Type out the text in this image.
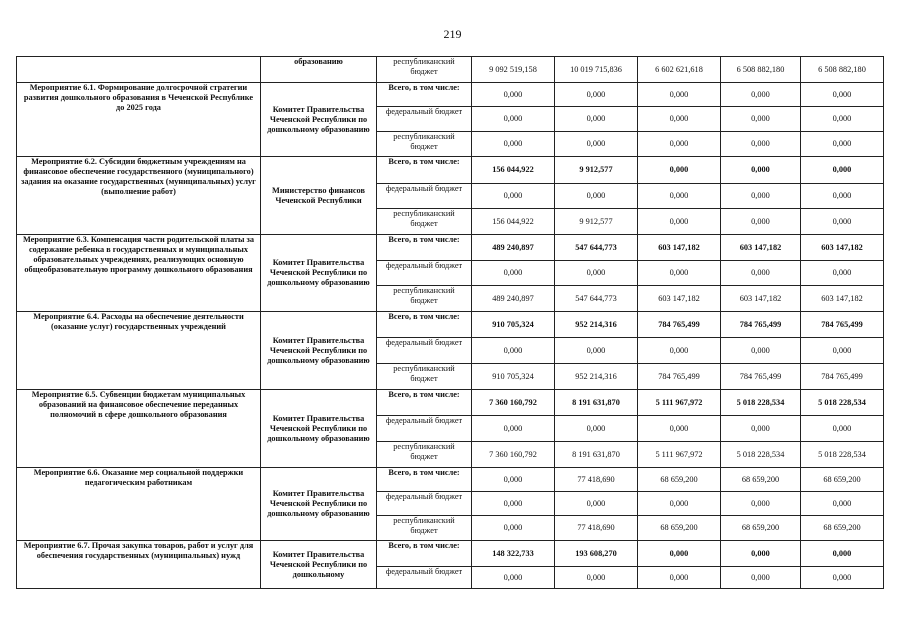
219
	образованию	республиканский бюджет	9 092 519,158	10 019 715,836	6 602 621,618	6 508 882,180	6 508 882,180
Мероприятие 6.1. Формирование долгосрочной стратегии развития дошкольного образования в Чеченской Республике до 2025 года	Комитет Правительства Чеченской Республики по дошкольному образованию	Всего, в том числе:	0,000	0,000	0,000	0,000	0,000
		федеральный бюджет	0,000	0,000	0,000	0,000	0,000
		республиканский бюджет	0,000	0,000	0,000	0,000	0,000
Мероприятие 6.2. Субсидии бюджетным учреждениям на финансовое обеспечение государственного (муниципального) задания на оказание государственных (муниципальных) услуг (выполнение работ)	Министерство финансов Чеченской Республики	Всего, в том числе:	156 044,922	9 912,577	0,000	0,000	0,000
		федеральный бюджет	0,000	0,000	0,000	0,000	0,000
		республиканский бюджет	156 044,922	9 912,577	0,000	0,000	0,000
Мероприятие 6.3. Компенсация части родительской платы за содержание ребенка в государственных и муниципальных образовательных учреждениях, реализующих основную общеобразовательную программу дошкольного образования	Комитет Правительства Чеченской Республики по дошкольному образованию	Всего, в том числе:	489 240,897	547 644,773	603 147,182	603 147,182	603 147,182
		федеральный бюджет	0,000	0,000	0,000	0,000	0,000
		республиканский бюджет	489 240,897	547 644,773	603 147,182	603 147,182	603 147,182
Мероприятие 6.4. Расходы на обеспечение деятельности (оказание услуг) государственных учреждений	Комитет Правительства Чеченской Республики по дошкольному образованию	Всего, в том числе:	910 705,324	952 214,316	784 765,499	784 765,499	784 765,499
		федеральный бюджет	0,000	0,000	0,000	0,000	0,000
		республиканский бюджет	910 705,324	952 214,316	784 765,499	784 765,499	784 765,499
Мероприятие 6.5. Субвенции бюджетам муниципальных образований на финансовое обеспечение переданных полномочий в сфере дошкольного образования	Комитет Правительства Чеченской Республики по дошкольному образованию	Всего, в том числе:	7 360 160,792	8 191 631,870	5 111 967,972	5 018 228,534	5 018 228,534
		федеральный бюджет	0,000	0,000	0,000	0,000	0,000
		республиканский бюджет	7 360 160,792	8 191 631,870	5 111 967,972	5 018 228,534	5 018 228,534
Мероприятие 6.6. Оказание мер социальной поддержки педагогическим работникам	Комитет Правительства Чеченской Республики по дошкольному образованию	Всего, в том числе:	0,000	77 418,690	68 659,200	68 659,200	68 659,200
		федеральный бюджет	0,000	0,000	0,000	0,000	0,000
		республиканский бюджет	0,000	77 418,690	68 659,200	68 659,200	68 659,200
Мероприятие 6.7. Прочая закупка товаров, работ и услуг для обеспечения государственных (муниципальных) нужд	Комитет Правительства Чеченской Республики по дошкольному	Всего, в том числе:	148 322,733	193 608,270	0,000	0,000	0,000
		федеральный бюджет	0,000	0,000	0,000	0,000	0,000
